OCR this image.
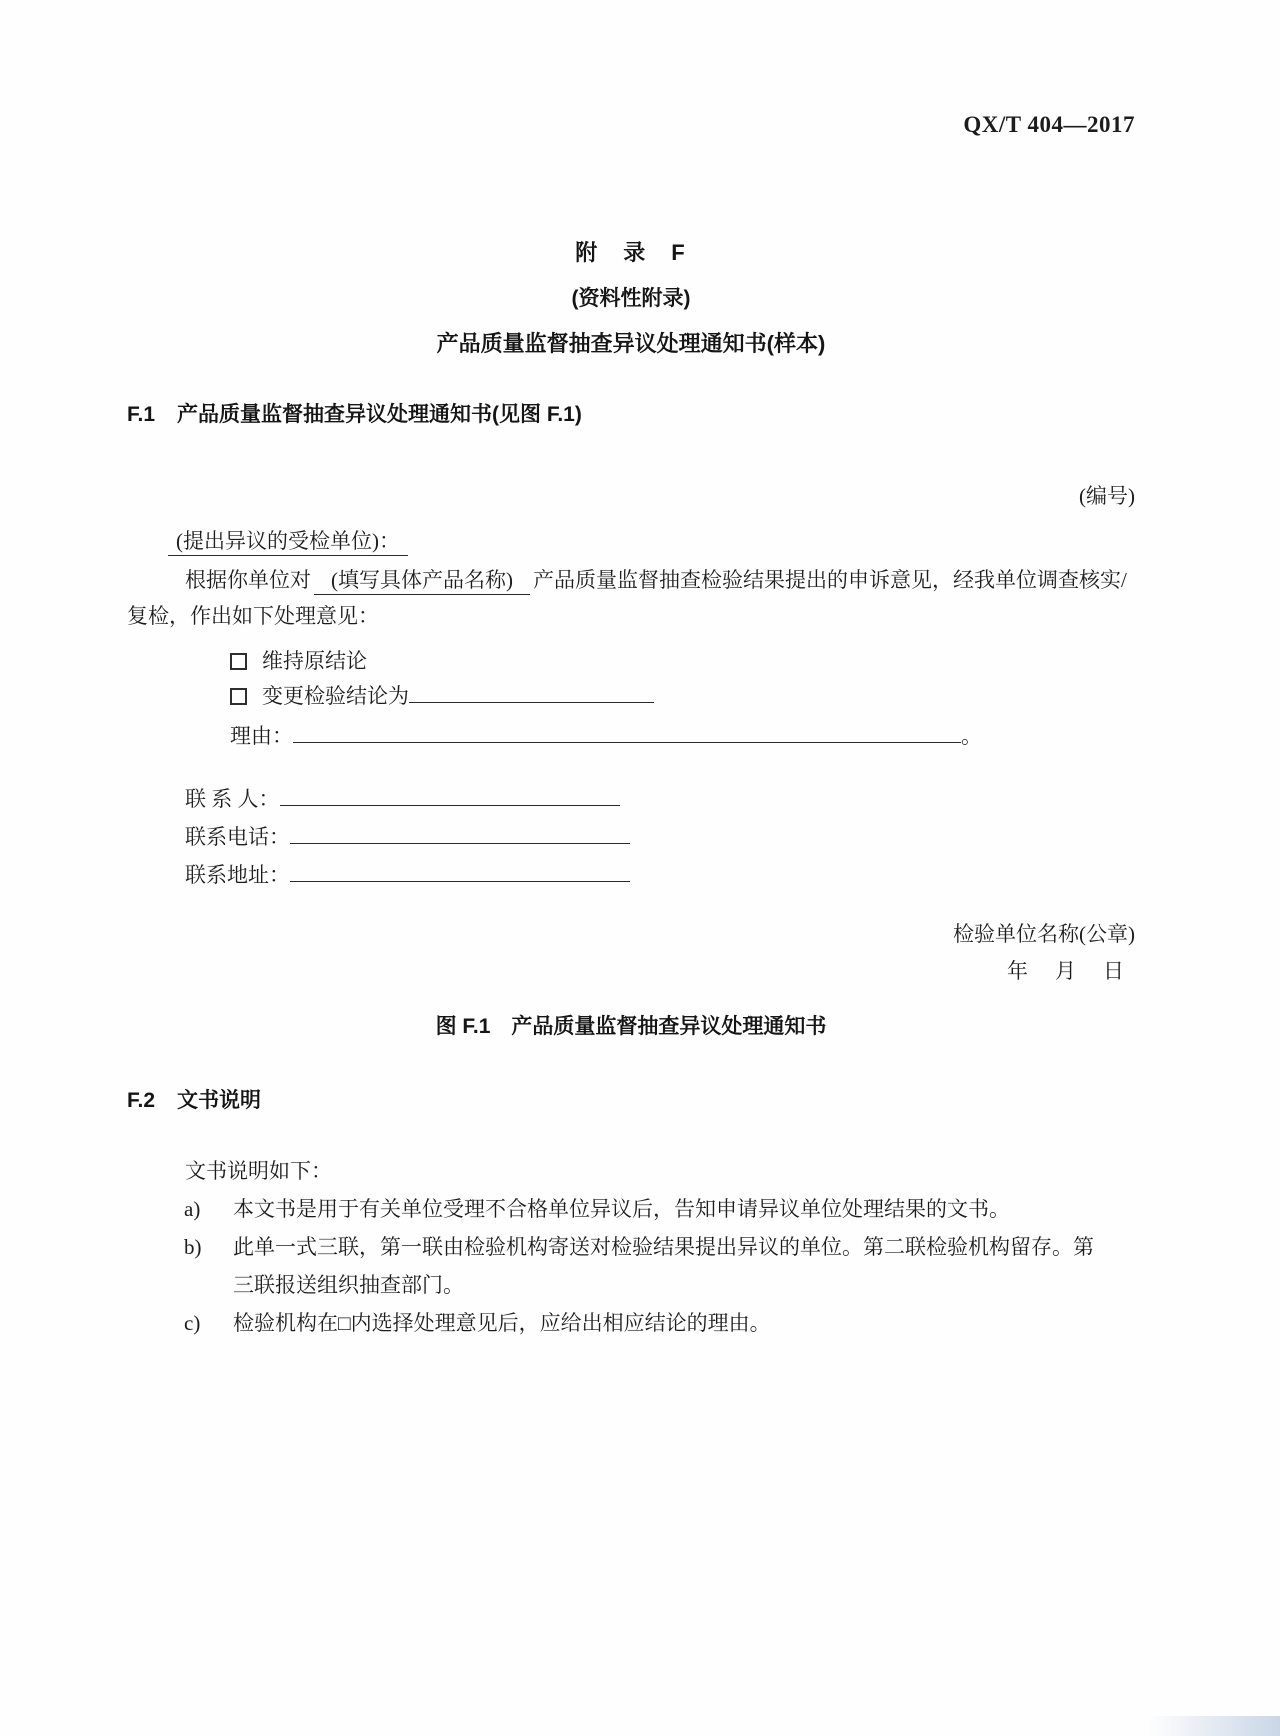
QX/T 404—2017
附　录　F
(资料性附录)
产品质量监督抽查异议处理通知书(样本)
F.1 产品质量监督抽查异议处理通知书(见图 F.1)
(编号)
(提出异议的受检单位)：

根据你单位对 (填写具体产品名称) 产品质量监督抽查检验结果提出的申诉意见，经我单位调查核实/复检，作出如下处理意见：

维持原结论
变更检验结论为
理由：	。
联 系 人：
联系电话：
联系地址：
检验单位名称(公章)
年　月　日
图 F.1　产品质量监督抽查异议处理通知书
F.2 文书说明
文书说明如下：
a)	本文书是用于有关单位受理不合格单位异议后，告知申请异议单位处理结果的文书。
b)	此单一式三联，第一联由检验机构寄送对检验结果提出异议的单位。第二联检验机构留存。第三联报送组织抽查部门。
c)	检验机构在□内选择处理意见后，应给出相应结论的理由。
